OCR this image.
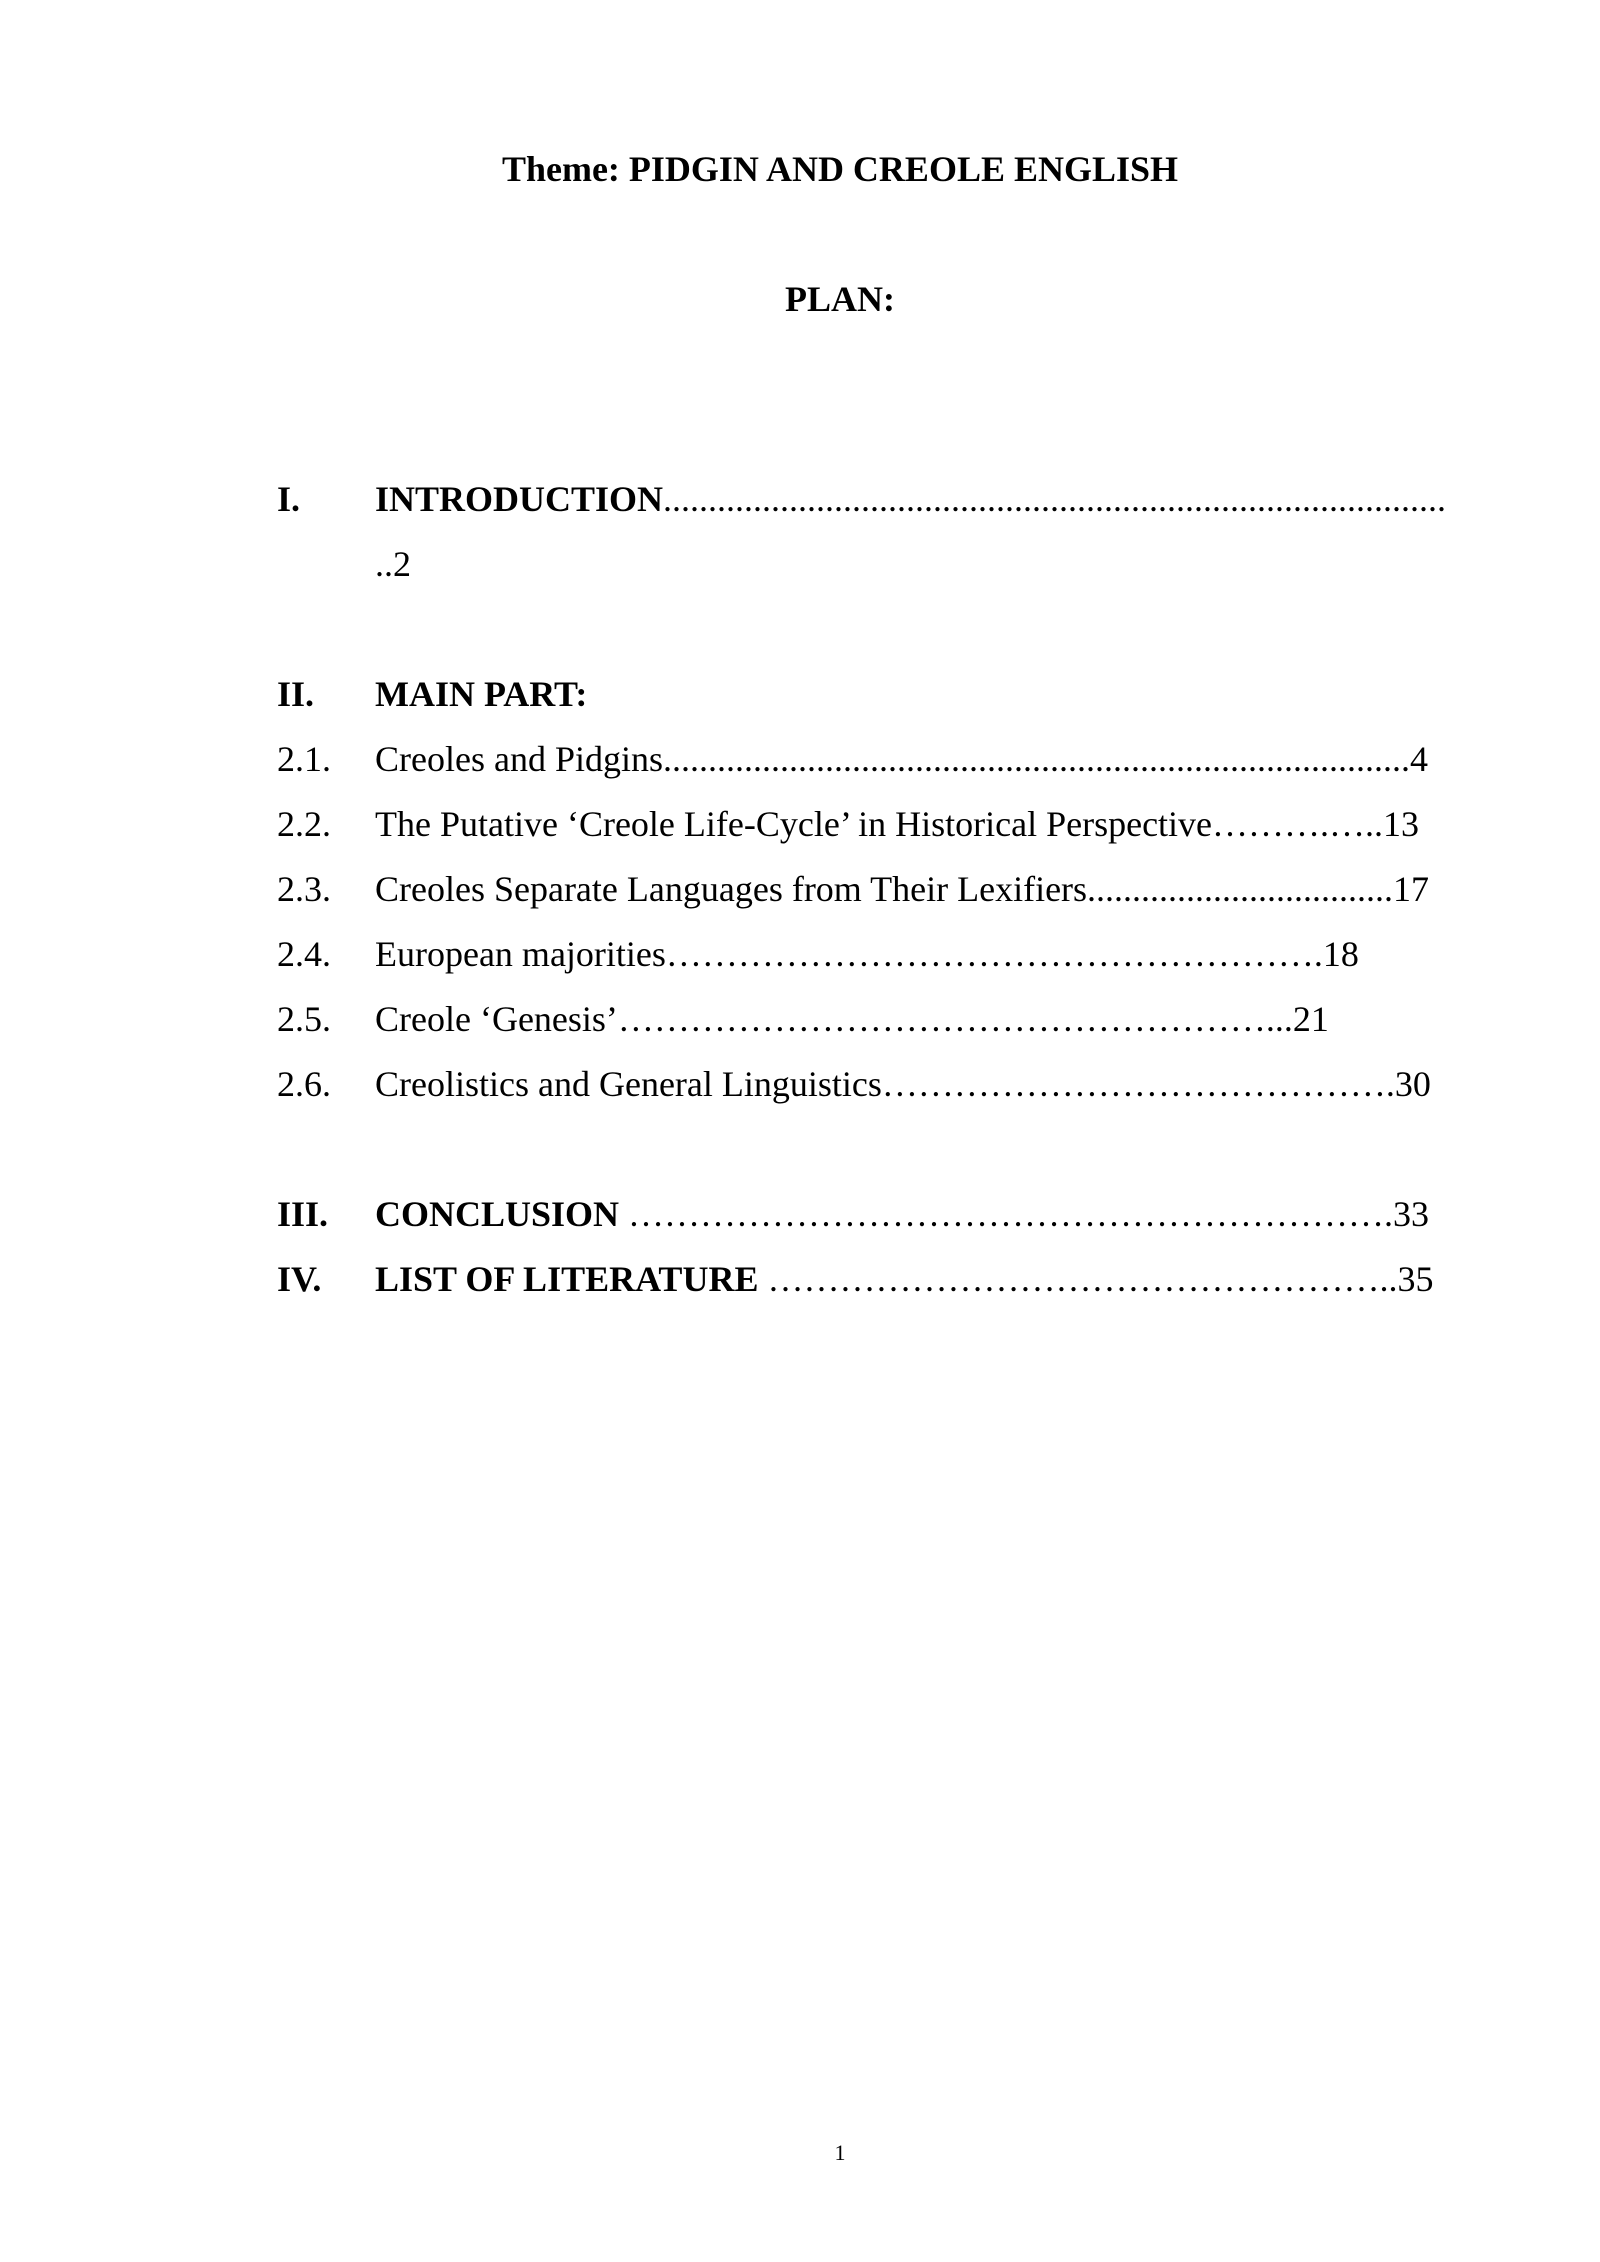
Theme: PIDGIN AND CREOLE ENGLISH
PLAN:
I. INTRODUCTION.......................................................................................
..2
II. MAIN PART:
2.1. Creoles and Pidgins...................................................................................4
2.2. The Putative ‘Creole Life-Cycle’ in Historical Perspective……….…..13
2.3. Creoles Separate Languages from Their Lexifiers..................................17
2.4. European majorities……………………………………………….18
2.5. Creole ‘Genesis’………………………………………………...21
2.6. Creolistics and General Linguistics…………………………………….30
III. CONCLUSION ……………………………………………………….33
IV. LIST OF LITERATURE ……………………………………………..35
1
